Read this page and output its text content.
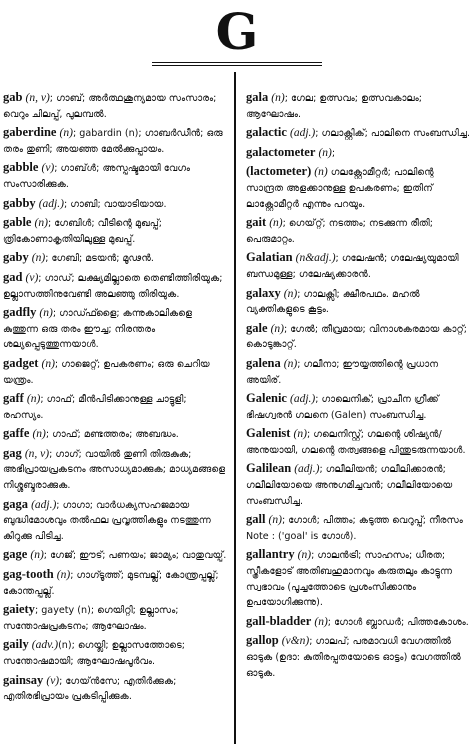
G
gab (n, v); ഗാബ്; അർത്ഥശൂന്യമായ സംസാരം; വെറും ചിലപ്പ്, പുലമ്പൽ.
gaberdine (n); gabardin (n); ഗാബർഡീൻ; ഒരു തരം തുണി; അയഞ്ഞ മേൽക്കുപ്പായം.
gabble (v); ഗാബ്ൾ; അസ്പഷ്ടമായി വേഗം സംസാരിക്കുക.
gabby (adj.); ഗാബി; വായാടിയായ.
gable (n); ഗേബിൾ; വീടിന്റെ മുഖപ്പ്; ത്രികോണാകൃതിയിലുള്ള മുഖപ്പ്.
gaby (n); ഗേബി; മടയൻ; മൂഢൻ.
gad (v); ഗാഡ്; ലക്ഷ്യമില്ലാതെ തെണ്ടിത്തിരിയുക; ഉല്ലാസത്തിനുവേണ്ടി അലഞ്ഞു തിരിയുക.
gadfly (n); ഗാഡ്ഫ്ളൈ; കന്നുകാലികളെ കുത്തുന്ന ഒരു തരം ഈച്ച; നിരന്തരം ശല്യപ്പെടുത്തുന്നയാൾ.
gadget (n); ഗാജെറ്റ്; ഉപകരണം; ഒരു ചെറിയ യന്ത്രം.
gaff (n); ഗാഫ്; മീൻപിടിക്കാനുള്ള ചാട്ടുളി; രഹസ്യം.
gaffe (n); ഗാഫ്; മണ്ടത്തരം; അബദ്ധം.
gag (n, v); ഗാഗ്; വായിൽ തുണി തിരുകുക; അഭിപ്രായപ്രകടനം അസാധ്യമാക്കുക; മാധ്യമങ്ങളെ നിശ്ശബ്ദരാക്കുക.
gaga (adj.); ഗാഗാ; വാർധക്യസഹജമായ ബുദ്ധിമോശവും തൽഫല പ്രവൃത്തികളും നടത്തുന്ന കിറുക്കു പിടിച്ച.
gage (n); ഗേജ്; ഈട്; പണയം; ജാമ്യം; വാതുവയ്പ്.
gag-tooth (n); ഗാഗ്ടൂത്ത്; മുടമ്പല്ല്; കോന്ത്രപ്പല്ല്; കോന്തപ്പല്ല്.
gaiety; gayety (n); ഗെയിറ്റി; ഉല്ലാസം; സന്തോഷപ്രകടനം; ആഘോഷം.
gaily (adv.)(n); ഗെയ്ലി; ഉല്ലാസത്തോടെ; സന്തോഷമായി; ആഘോഷപൂർവം.
gainsay (v); ഗേയ്ൻസേ; എതിർക്കുക; എതിരഭിപ്രായം പ്രകടിപ്പിക്കുക.
gala (n); ഗേല; ഉത്സവം; ഉത്സവകാലം; ആഘോഷം.
galactic (adj.); ഗലാക്റ്റിക്; പാലിനെ സംബന്ധിച്ച.
galactometer (n);
(lactometer) (n) ഗലക്റ്റോമീറ്റർ; പാലിന്റെ സാന്ദ്രത അളക്കാനുള്ള ഉപകരണം; ഇതിന് ലാക്റ്റോമീറ്റർ എന്നും പറയും.
gait (n); ഗെയ്റ്റ്; നടത്തം; നടക്കുന്ന രീതി; പെരുമാറ്റം.
Galatian (n&adj.); ഗലേഷൻ; ഗലേഷ്യയുമായി ബന്ധമുള്ള; ഗലേഷ്യക്കാരൻ.
galaxy (n); ഗാലക്സി; ക്ഷീരപഥം. മഹൽ വ്യക്തികളുടെ കൂട്ടം.
gale (n); ഗേൽ; തീവ്രമായ; വിനാശകരമായ കാറ്റ്; കൊടുങ്കാറ്റ്.
galena (n); ഗലീനാ; ഈയ്യത്തിന്റെ പ്രധാന അയിര്.
Galenic (adj.); ഗാലെനിക്; പ്രാചീന ഗ്രീക്ക് ഭിഷഗ്വരൻ ഗലനെ (Galen) സംബന്ധിച്ച.
Galenist (n); ഗലെനിസ്റ്റ്; ഗലന്റെ ശിഷ്യൻ/ അനുയായി, ഗലന്റെ തത്വങ്ങളെ പിന്തുടരുന്നയാൾ.
Galilean (adj.); ഗലീലിയൻ; ഗലീലിക്കാരൻ; ഗലീലിയോയെ അനുഗമിച്ചവൻ; ഗലീലിയോയെ സംബന്ധിച്ച.
gall (n); ഗോൾ; പിത്തം; കടുത്ത വെറുപ്പ്; നീരസം Note : ('goal' is ഗോൾ).
gallantry (n); ഗാലൻട്രി; സാഹസം; ധീരത; സ്ത്രീകളോട് അതിബഹുമാനവും കരുതലും കാട്ടുന്ന സ്വഭാവം (പൂച്ചത്തോടെ പ്രശംസിക്കാനും ഉപയോഗിക്കുന്നു).
gall-bladder (n); ഗോൾ ബ്ലാഡർ; പിത്തകോശം.
gallop (v&n); ഗാലപ്; പരമാവധി വേഗത്തിൽ ഓടുക (ഉദാ: കുതിരപ്പതയോടെ ഓട്ടം) വേഗത്തിൽ ഓടുക.
